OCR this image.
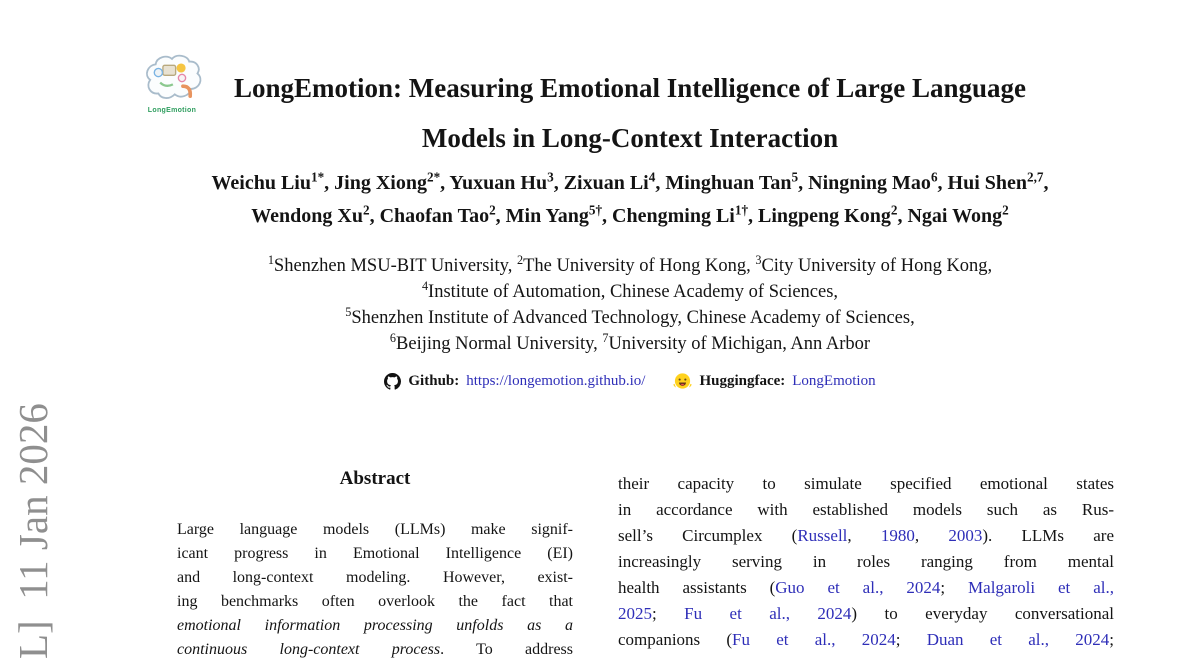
L]  11 Jan 2026
LongEmotion
LongEmotion: Measuring Emotional Intelligence of Large Language
Models in Long-Context Interaction
Weichu Liu$^{1*}$, Jing Xiong$^{2*}$, Yuxuan Hu$^3$, Zixuan Li$^4$, Minghuan Tan$^5$, Ningning Mao$^6$, Hui Shen$^{2,7}$,
Wendong Xu$^2$, Chaofan Tao$^2$, Min Yang$^{5\dagger}$, Chengming $Li^{1\dagger}$, Lingpeng Kong$^2$, Ngai Wong$^2$
$^1$Shenzhen MSU-BIT University, $^2$The University of Hong Kong, $^3$City University of Hong Kong,
$^4$Institute of Automation, Chinese Academy of Sciences,
$^5$Shenzhen Institute of Advanced Technology, Chinese Academy of Sciences,
$^6$Beijing Normal University, $^7$University of Michigan, Ann Arbor
Github: https://longemotion.github.io/	Huggingface: LongEmotion
Abstract
Large language models (LLMs) make signif-
icant progress in Emotional Intelligence (EI)
and long-context modeling. However, exist-
ing benchmarks often overlook the fact that
emotional information processing unfolds as a
continuous long-context process. To address
their capacity to simulate specified emotional states
in accordance with established models such as Rus-
sell’s Circumplex (Russell, 1980, 2003). LLMs are
increasingly serving in roles ranging from mental
health assistants (Guo et al., 2024; Malgaroli et al.,
2025; Fu et al., 2024) to everyday conversational
companions (Fu et al., 2024; Duan et al., 2024;
